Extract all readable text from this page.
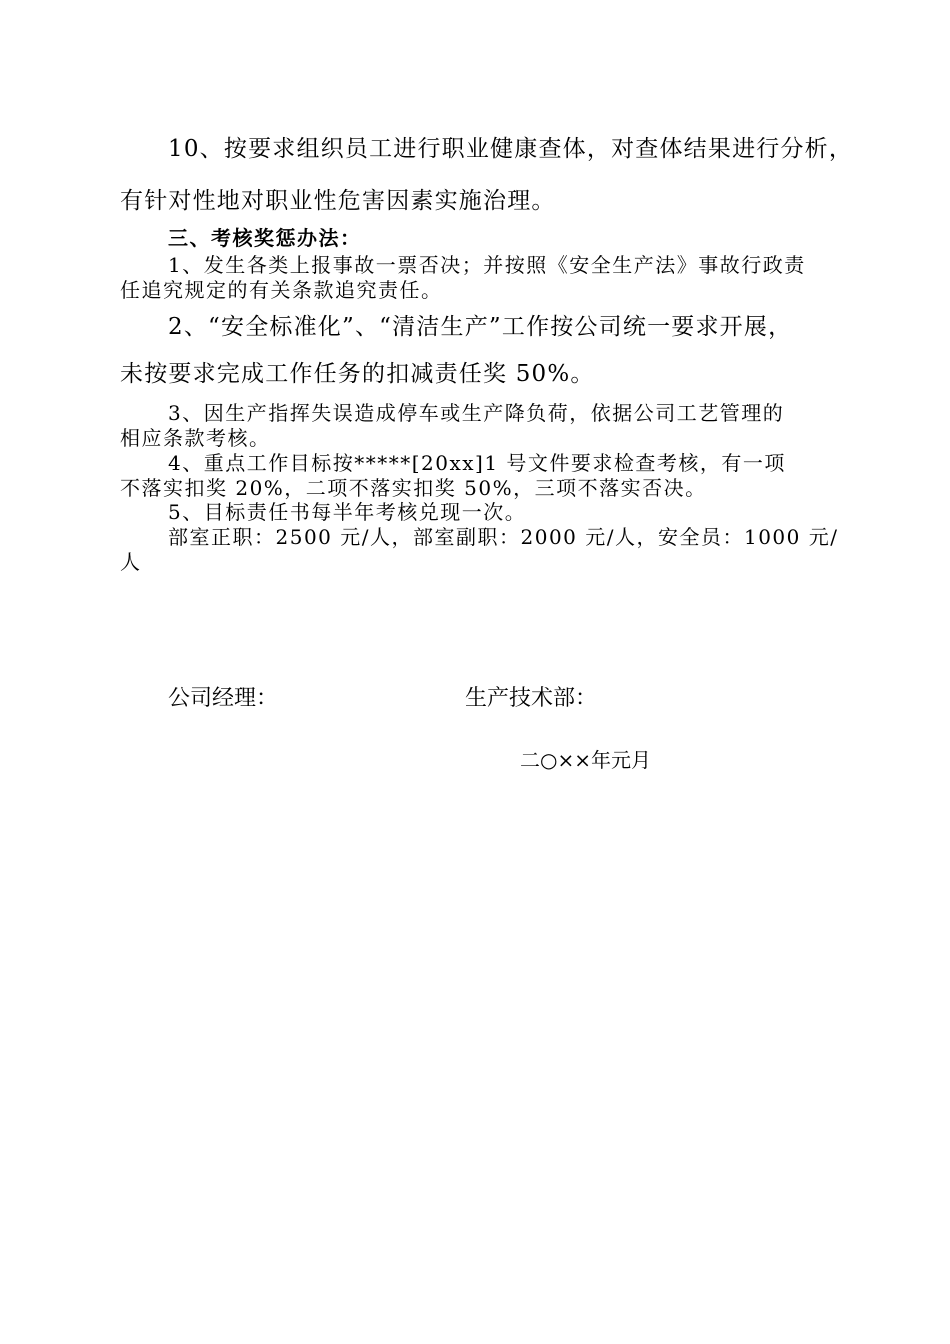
10、按要求组织员工进行职业健康查体，对查体结果进行分析，
有针对性地对职业性危害因素实施治理。
三、考核奖惩办法：
1、发生各类上报事故一票否决；并按照《安全生产法》事故行政责
任追究规定的有关条款追究责任。
2、“安全标准化”、“清洁生产”工作按公司统一要求开展，
未按要求完成工作任务的扣减责任奖 50%。
3、因生产指挥失误造成停车或生产降负荷，依据公司工艺管理的
相应条款考核。
4、重点工作目标按*****[20xx]1 号文件要求检查考核，有一项
不落实扣奖 20%，二项不落实扣奖 50%，三项不落实否决。
5、目标责任书每半年考核兑现一次。
部室正职：2500 元/人，部室副职：2000 元/人，安全员：1000 元/
人
公司经理：	生产技术部：
二○××年元月
